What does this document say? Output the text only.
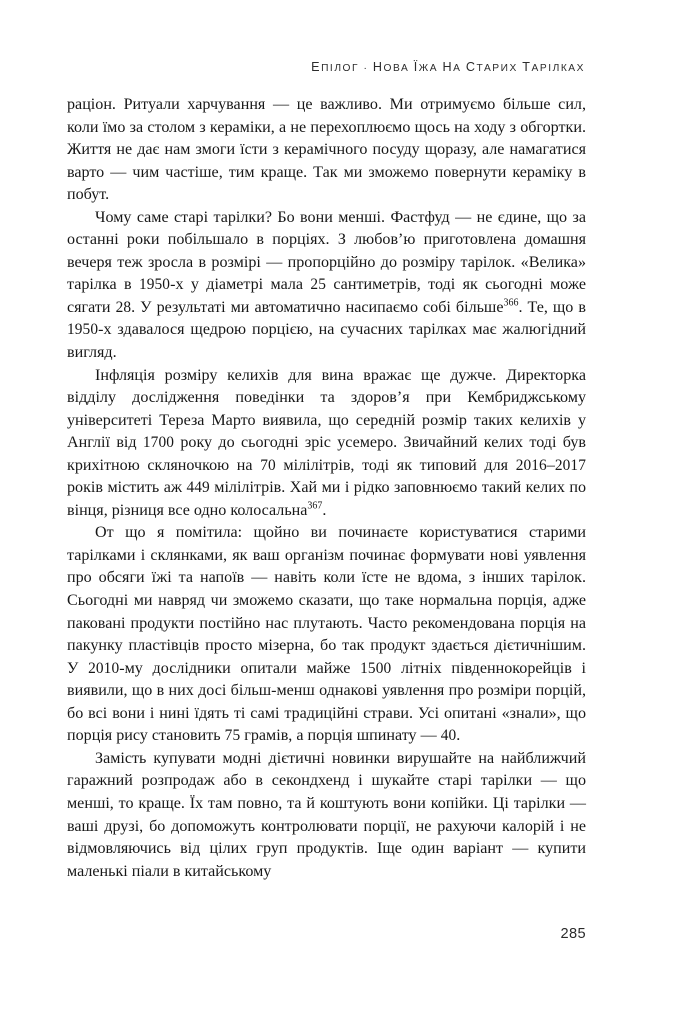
ЕПІЛОГ · НОВА ЇЖА НА СТАРИХ ТАРІЛКАХ

раціон. Ритуали харчування — це важливо. Ми отримуємо більше сил, коли їмо за столом з кераміки, а не перехоплюємо щось на ходу з обгортки. Життя не дає нам змоги їсти з керамічного посуду щоразу, але намагатися варто — чим частіше, тим краще. Так ми зможемо повернути кераміку в побут.

Чому саме старі тарілки? Бо вони менші. Фастфуд — не єдине, що за останні роки побільшало в порціях. З любов’ю приготовлена домашня вечеря теж зросла в розмірі — пропорційно до розміру тарілок. «Велика» тарілка в 1950-х у діаметрі мала 25 сантиметрів, тоді як сьогодні може сягати 28. У результаті ми автоматично насипаємо собі більше$^{366}$. Те, що в 1950-х здавалося щедрою порцією, на сучасних тарілках має жалюгідний вигляд.

Інфляція розміру келихів для вина вражає ще дужче. Директорка відділу дослідження поведінки та здоров’я при Кембриджському університеті Тереза Марто виявила, що середній розмір таких келихів у Англії від 1700 року до сьогодні зріс усемеро. Звичайний келих тоді був крихітною скляночкою на 70 мілілітрів, тоді як типовий для 2016–2017 років містить аж 449 мілілітрів. Хай ми і рідко заповнюємо такий келих по вінця, різниця все одно колосальна$^{367}$.

От що я помітила: щойно ви починаєте користуватися старими тарілками і склянками, як ваш організм починає формувати нові уявлення про обсяги їжі та напоїв — навіть коли їсте не вдома, з інших тарілок. Сьогодні ми навряд чи зможемо сказати, що таке нормальна порція, адже паковані продукти постійно нас плутають. Часто рекомендована порція на пакунку пластівців просто мізерна, бо так продукт здається дієтичнішим. У 2010-му дослідники опитали майже 1500 літніх південнокорейців і виявили, що в них досі більш-менш однакові уявлення про розміри порцій, бо всі вони і нині їдять ті самі традиційні страви. Усі опитані «знали», що порція рису становить 75 грамів, а порція шпинату — 40.

Замість купувати модні дієтичні новинки вирушайте на найближчий гаражний розпродаж або в секондхенд і шукайте старі тарілки — що менші, то краще. Їх там повно, та й коштують вони копійки. Ці тарілки — ваші друзі, бо допоможуть контролювати порції, не рахуючи калорій і не відмовляючись від цілих груп продуктів. Іще один варіант — купити маленькі піали в китайському

285
